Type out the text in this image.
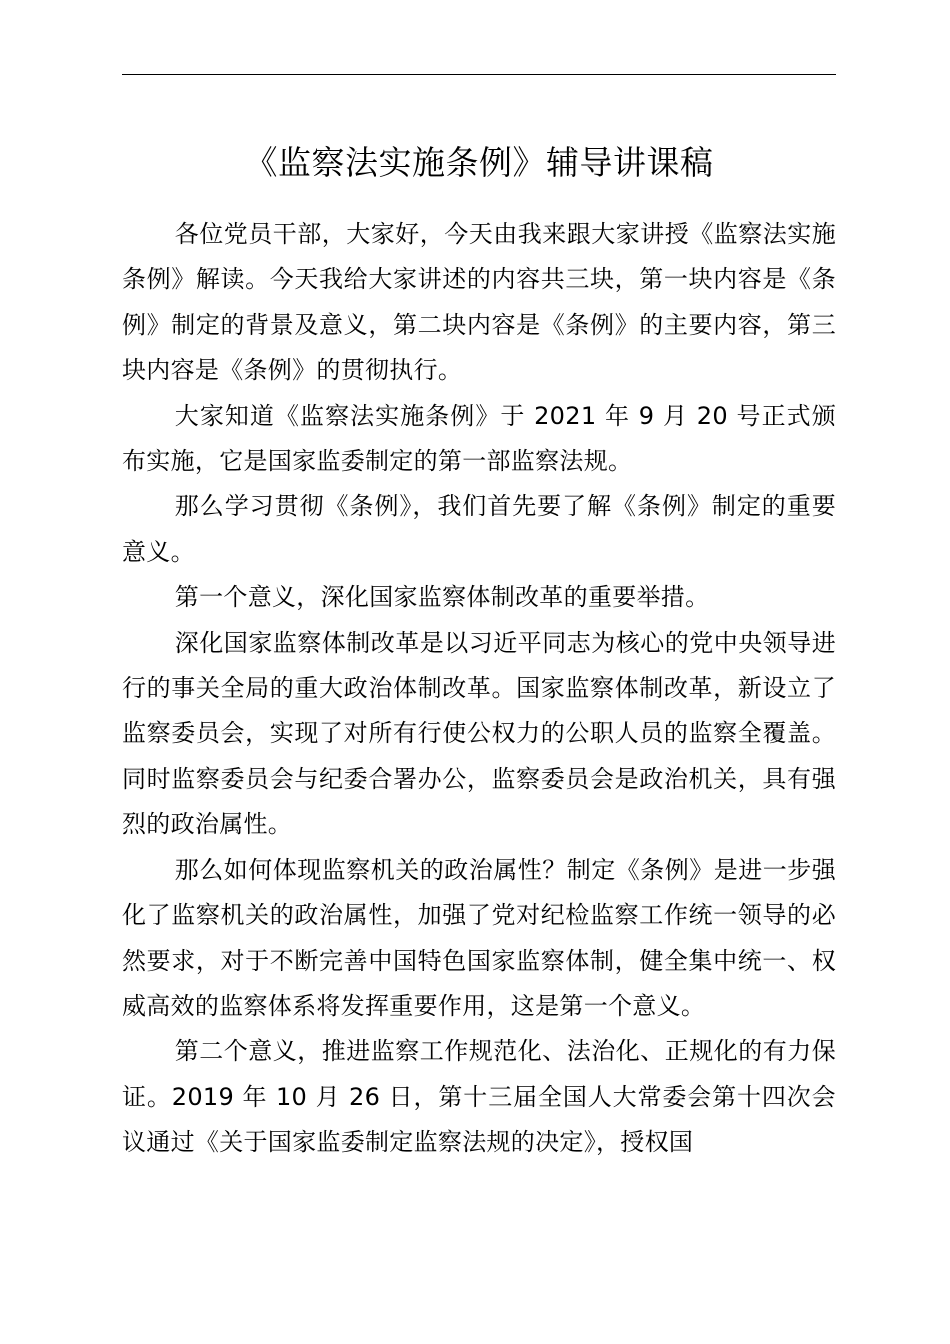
《监察法实施条例》辅导讲课稿

各位党员干部，大家好，今天由我来跟大家讲授《监察法实施条例》解读。今天我给大家讲述的内容共三块，第一块内容是《条例》制定的背景及意义，第二块内容是《条例》的主要内容，第三块内容是《条例》的贯彻执行。

大家知道《监察法实施条例》于 2021 年 9 月 20 号正式颁布实施，它是国家监委制定的第一部监察法规。

那么学习贯彻《条例》，我们首先要了解《条例》制定的重要意义。

第一个意义，深化国家监察体制改革的重要举措。

深化国家监察体制改革是以习近平同志为核心的党中央领导进行的事关全局的重大政治体制改革。国家监察体制改革，新设立了监察委员会，实现了对所有行使公权力的公职人员的监察全覆盖。同时监察委员会与纪委合署办公，监察委员会是政治机关，具有强烈的政治属性。

那么如何体现监察机关的政治属性？制定《条例》是进一步强化了监察机关的政治属性，加强了党对纪检监察工作统一领导的必然要求，对于不断完善中国特色国家监察体制，健全集中统一、权威高效的监察体系将发挥重要作用，这是第一个意义。

第二个意义，推进监察工作规范化、法治化、正规化的有力保证。2019 年 10 月 26 日，第十三届全国人大常委会第十四次会议通过《关于国家监委制定监察法规的决定》，授权国
